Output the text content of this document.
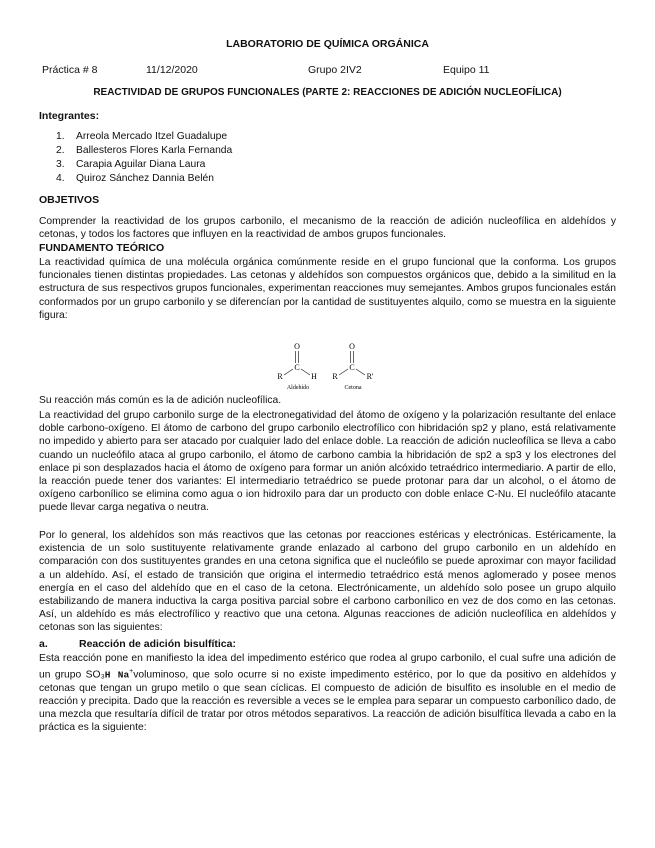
LABORATORIO DE QUÍMICA ORGÁNICA
Práctica # 8	11/12/2020	Grupo 2IV2	Equipo 11
REACTIVIDAD DE GRUPOS FUNCIONALES (PARTE 2: REACCIONES DE ADICIÓN NUCLEOFÍLICA)
Integrantes:
1. Arreola Mercado Itzel Guadalupe
2. Ballesteros Flores Karla Fernanda
3. Carapia Aguilar Diana Laura
4. Quiroz Sánchez Dannia Belén
OBJETIVOS

Comprender la reactividad de los grupos carbonilo, el mecanismo de la reacción de adición nucleofílica en aldehídos y cetonas, y todos los factores que influyen en la reactividad de ambos grupos funcionales.

FUNDAMENTO TEÓRICO

La reactividad química de una molécula orgánica comúnmente reside en el grupo funcional que la conforma. Los grupos funcionales tienen distintas propiedades. Las cetonas y aldehídos son compuestos orgánicos que, debido a la similitud en la estructura de sus respectivos grupos funcionales, experimentan reacciones muy semejantes. Ambos grupos funcionales están conformados por un grupo carbonilo y se diferencían por la cantidad de sustituyentes alquilo, como se muestra en la siguiente figura:

O
C
R	H
Aldehído
O
C
R	R'
Cetona

Su reacción más común es la de adición nucleofílica.

La reactividad del grupo carbonilo surge de la electronegatividad del átomo de oxígeno y la polarización resultante del enlace doble carbono-oxígeno. El átomo de carbono del grupo carbonilo electrofílico con hibridación sp2 y plano, está relativamente no impedido y abierto para ser atacado por cualquier lado del enlace doble. La reacción de adición nucleofílica se lleva a cabo cuando un nucleófilo ataca al grupo carbonilo, el átomo de carbono cambia la hibridación de sp2 a sp3 y los electrones del enlace pi son desplazados hacia el átomo de oxígeno para formar un anión alcóxido tetraédrico intermediario. A partir de ello, la reacción puede tener dos variantes: El intermediario tetraédrico se puede protonar para dar un alcohol, o el átomo de oxígeno carbonílico se elimina como agua o ion hidroxilo para dar un producto con doble enlace C-Nu. El nucleófilo atacante puede llevar carga negativa o neutra.

Por lo general, los aldehídos son más reactivos que las cetonas por reacciones estéricas y electrónicas. Estéricamente, la existencia de un solo sustituyente relativamente grande enlazado al carbono del grupo carbonilo en un aldehído en comparación con dos sustituyentes grandes en una cetona significa que el nucleófilo se puede aproximar con mayor facilidad a un aldehído. Así, el estado de transición que origina el intermedio tetraédrico está menos aglomerado y posee menos energía en el caso del aldehído que en el caso de la cetona. Electrónicamente, un aldehído solo posee un grupo alquilo estabilizando de manera inductiva la carga positiva parcial sobre el carbono carbonílico en vez de dos como en las cetonas. Así, un aldehído es más electrofílico y reactivo que una cetona. Algunas reacciones de adición nucleofílica en aldehídos y cetonas son las siguientes:

a.	Reacción de adición bisulfítica:

Esta reacción pone en manifiesto la idea del impedimento estérico que rodea al grupo carbonilo, el cual sufre una adición de un grupo SO₃H Na+voluminoso, que solo ocurre si no existe impedimento estérico, por lo que da positivo en aldehídos y cetonas que tengan un grupo metilo o que sean cíclicas. El compuesto de adición de bisulfito es insoluble en el medio de reacción y precipita. Dado que la reacción es reversible a veces se le emplea para separar un compuesto carbonílico dado, de una mezcla que resultaría difícil de tratar por otros métodos separativos. La reacción de adición bisulfítica llevada a cabo en la práctica es la siguiente:
